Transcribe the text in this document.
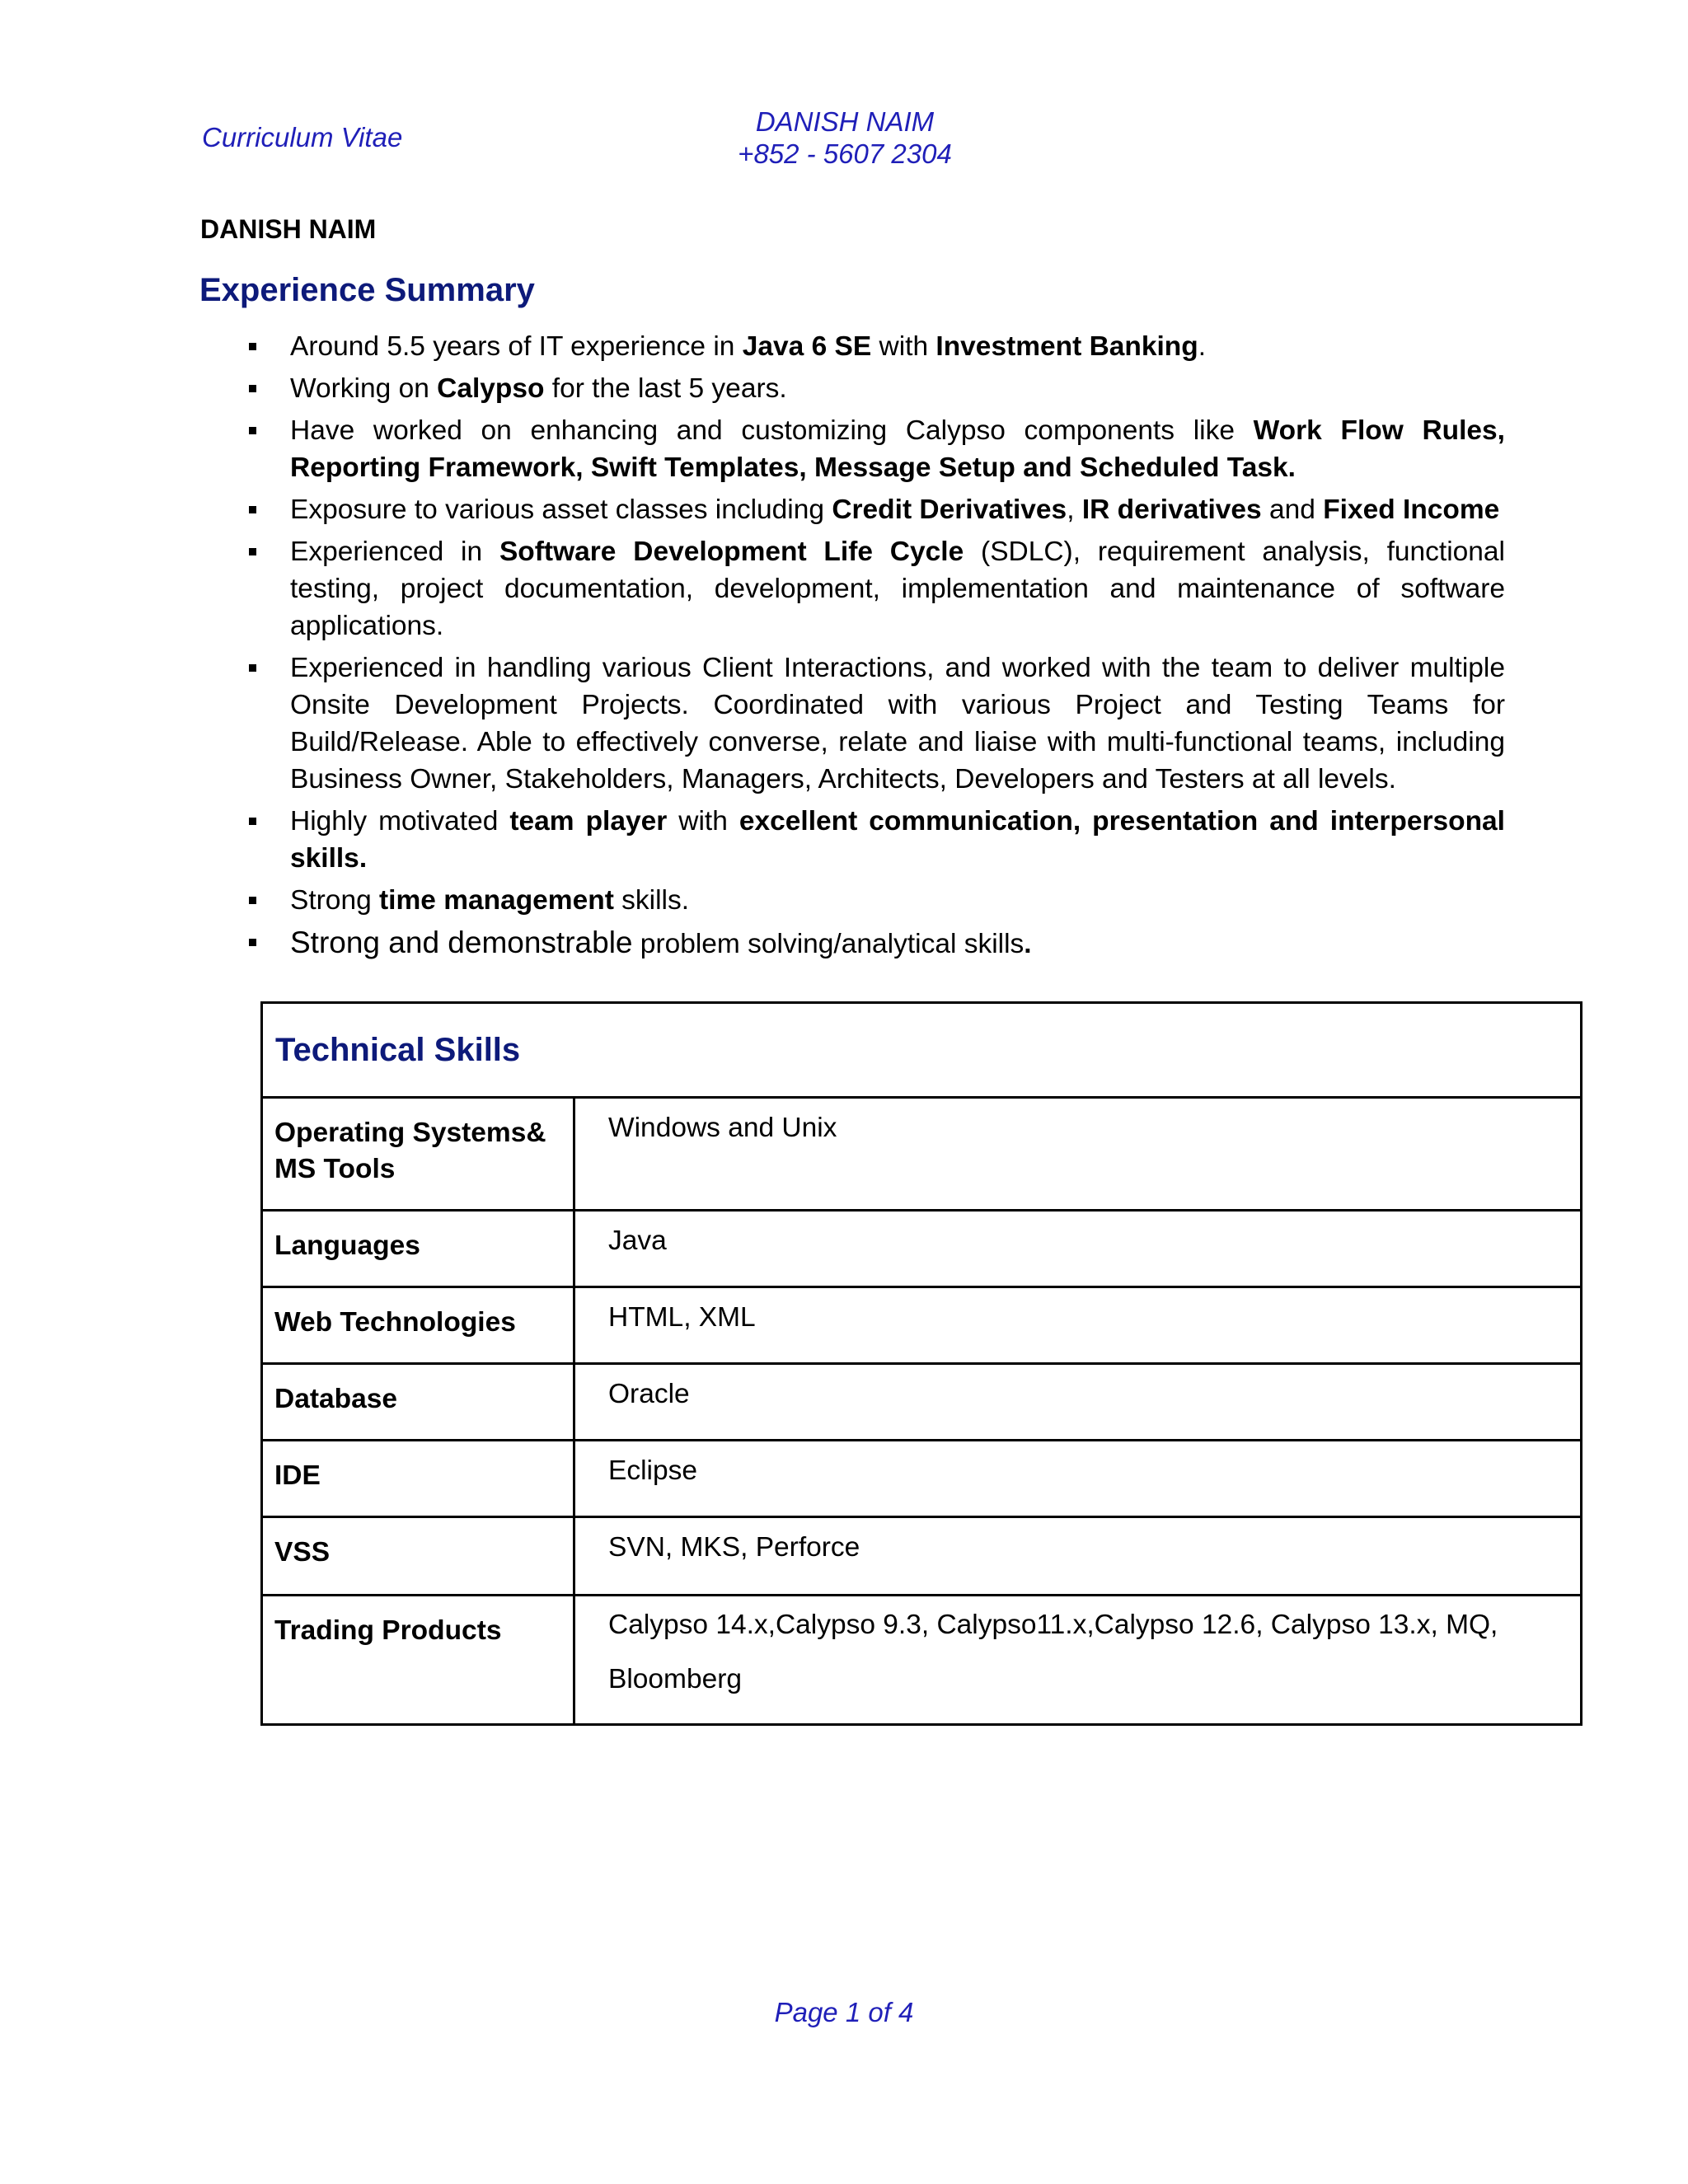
Curriculum Vitae
DANISH NAIM
+852 - 5607 2304
DANISH NAIM
Experience Summary
Around 5.5 years of IT experience in Java 6 SE with Investment Banking.
Working on Calypso for the last 5 years.
Have worked on enhancing and customizing Calypso components like Work Flow Rules, Reporting Framework, Swift Templates, Message Setup and Scheduled Task.
Exposure to various asset classes including Credit Derivatives, IR derivatives and Fixed Income
Experienced in Software Development Life Cycle (SDLC), requirement analysis, functional testing, project documentation, development, implementation and maintenance of software applications.
Experienced in handling various Client Interactions, and worked with the team to deliver multiple Onsite Development Projects. Coordinated with various Project and Testing Teams for Build/Release. Able to effectively converse, relate and liaise with multi-functional teams, including Business Owner, Stakeholders, Managers, Architects, Developers and Testers at all levels.
Highly motivated team player with excellent communication, presentation and interpersonal skills.
Strong time management skills.
Strong and demonstrable problem solving/analytical skills.
Technical Skills	
Operating Systems& MS Tools	Windows and Unix
Languages	Java
Web Technologies	HTML, XML
Database	Oracle
IDE	Eclipse
VSS	SVN, MKS, Perforce
Trading Products	Calypso 14.x,Calypso 9.3, Calypso11.x,Calypso 12.6, Calypso 13.x, MQ, Bloomberg
Page 1 of 4
